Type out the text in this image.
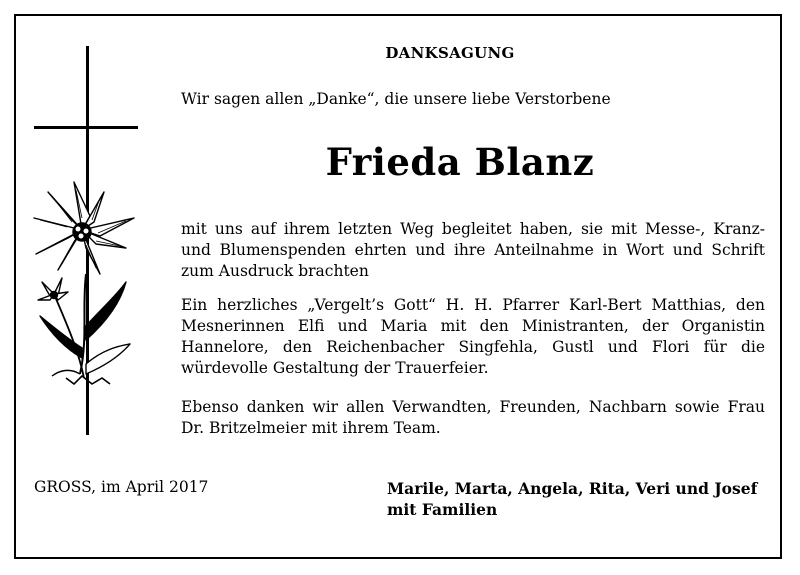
DANKSAGUNG
Wir sagen allen „Danke“, die unsere liebe Verstorbene
Frieda Blanz

mit uns auf ihrem letzten Weg begleitet haben, sie mit Messe-, Kranz- und Blumenspenden ehrten und ihre Anteilnahme in Wort und Schrift zum Ausdruck brachten

Ein herzliches „Vergelt’s Gott“ H. H. Pfarrer Karl-Bert Matthias, den Mesnerinnen Elfi und Maria mit den Ministranten, der Organistin Hannelore, den Reichenbacher Singfehla, Gustl und Flori für die würdevolle Gestaltung der Trauerfeier.

Ebenso danken wir allen Verwandten, Freunden, Nachbarn sowie Frau Dr. Britzelmeier mit ihrem Team.

GROSS, im April 2017	Marile, Marta, Angela, Rita, Veri und Josef
mit Familien
